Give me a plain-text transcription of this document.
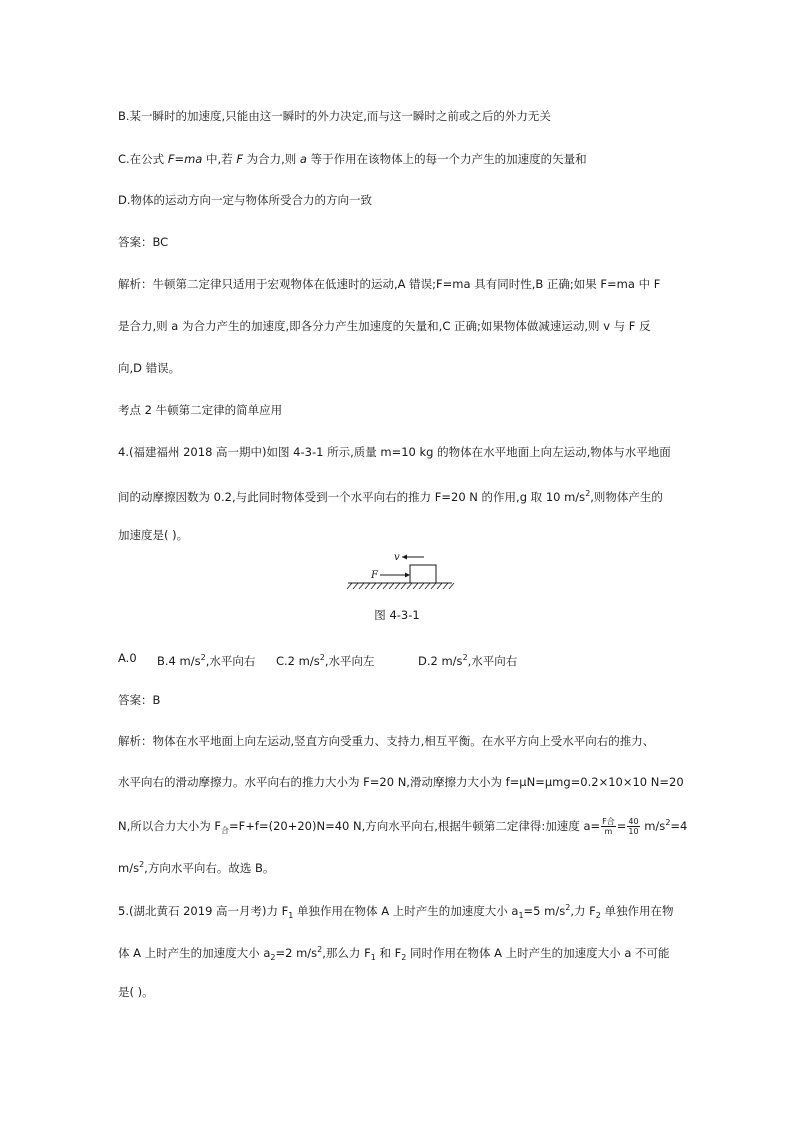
B.某一瞬时的加速度,只能由这一瞬时的外力决定,而与这一瞬时之前或之后的外力无关
C.在公式 F=ma 中,若 F 为合力,则 a 等于作用在该物体上的每一个力产生的加速度的矢量和
D.物体的运动方向一定与物体所受合力的方向一致
答案：BC
解析：牛顿第二定律只适用于宏观物体在低速时的运动,A 错误;F=ma 具有同时性,B 正确;如果 F=ma 中 F
是合力,则 a 为合力产生的加速度,即各分力产生加速度的矢量和,C 正确;如果物体做减速运动,则 v 与 F 反
向,D 错误。
考点 2 牛顿第二定律的简单应用
4.(福建福州 2018 高一期中)如图 4-3-1 所示,质量 m=10 kg 的物体在水平地面上向左运动,物体与水平地面
间的动摩擦因数为 0.2,与此同时物体受到一个水平向右的推力 F=20 N 的作用,g 取 10 $m/s^2$,则物体产生的
加速度是( )。
v
F
图 4-3-1
A.0 B.4 $m/s^2$,水平向右 C.2 $m/s^2$,水平向左	D.2 $m/s^2$,水平向右
答案：B
解析：物体在水平地面上向左运动,竖直方向受重力、支持力,相互平衡。在水平方向上受水平向右的推力、
水平向右的滑动摩擦力。水平向右的推力大小为 F=20 N,滑动摩擦力大小为 f=μN=μmg=0.2×10×10 N=20
N,所以合力大小为 $F_合=F+f=(20+20)N=40$ N,方向水平向右,根据牛顿第二定律得:加速度 $a= \frac{\text{F合}}{m} = \frac{40}{10} m/s^2=4$
$m/s^2$,方向水平向右。故选 B。
5.(湖北黄石 2019 高一月考)力 $F_1$ 单独作用在物体 A 上时产生的加速度大小 $a_1=5$ $m/s^2$,力 $F_2$ 单独作用在物
体 A 上时产生的加速度大小 $a_2=2$ $m/s^2$,那么力 $F_1$ 和 $F_2$ 同时作用在物体 A 上时产生的加速度大小 a 不可能
是( )。
